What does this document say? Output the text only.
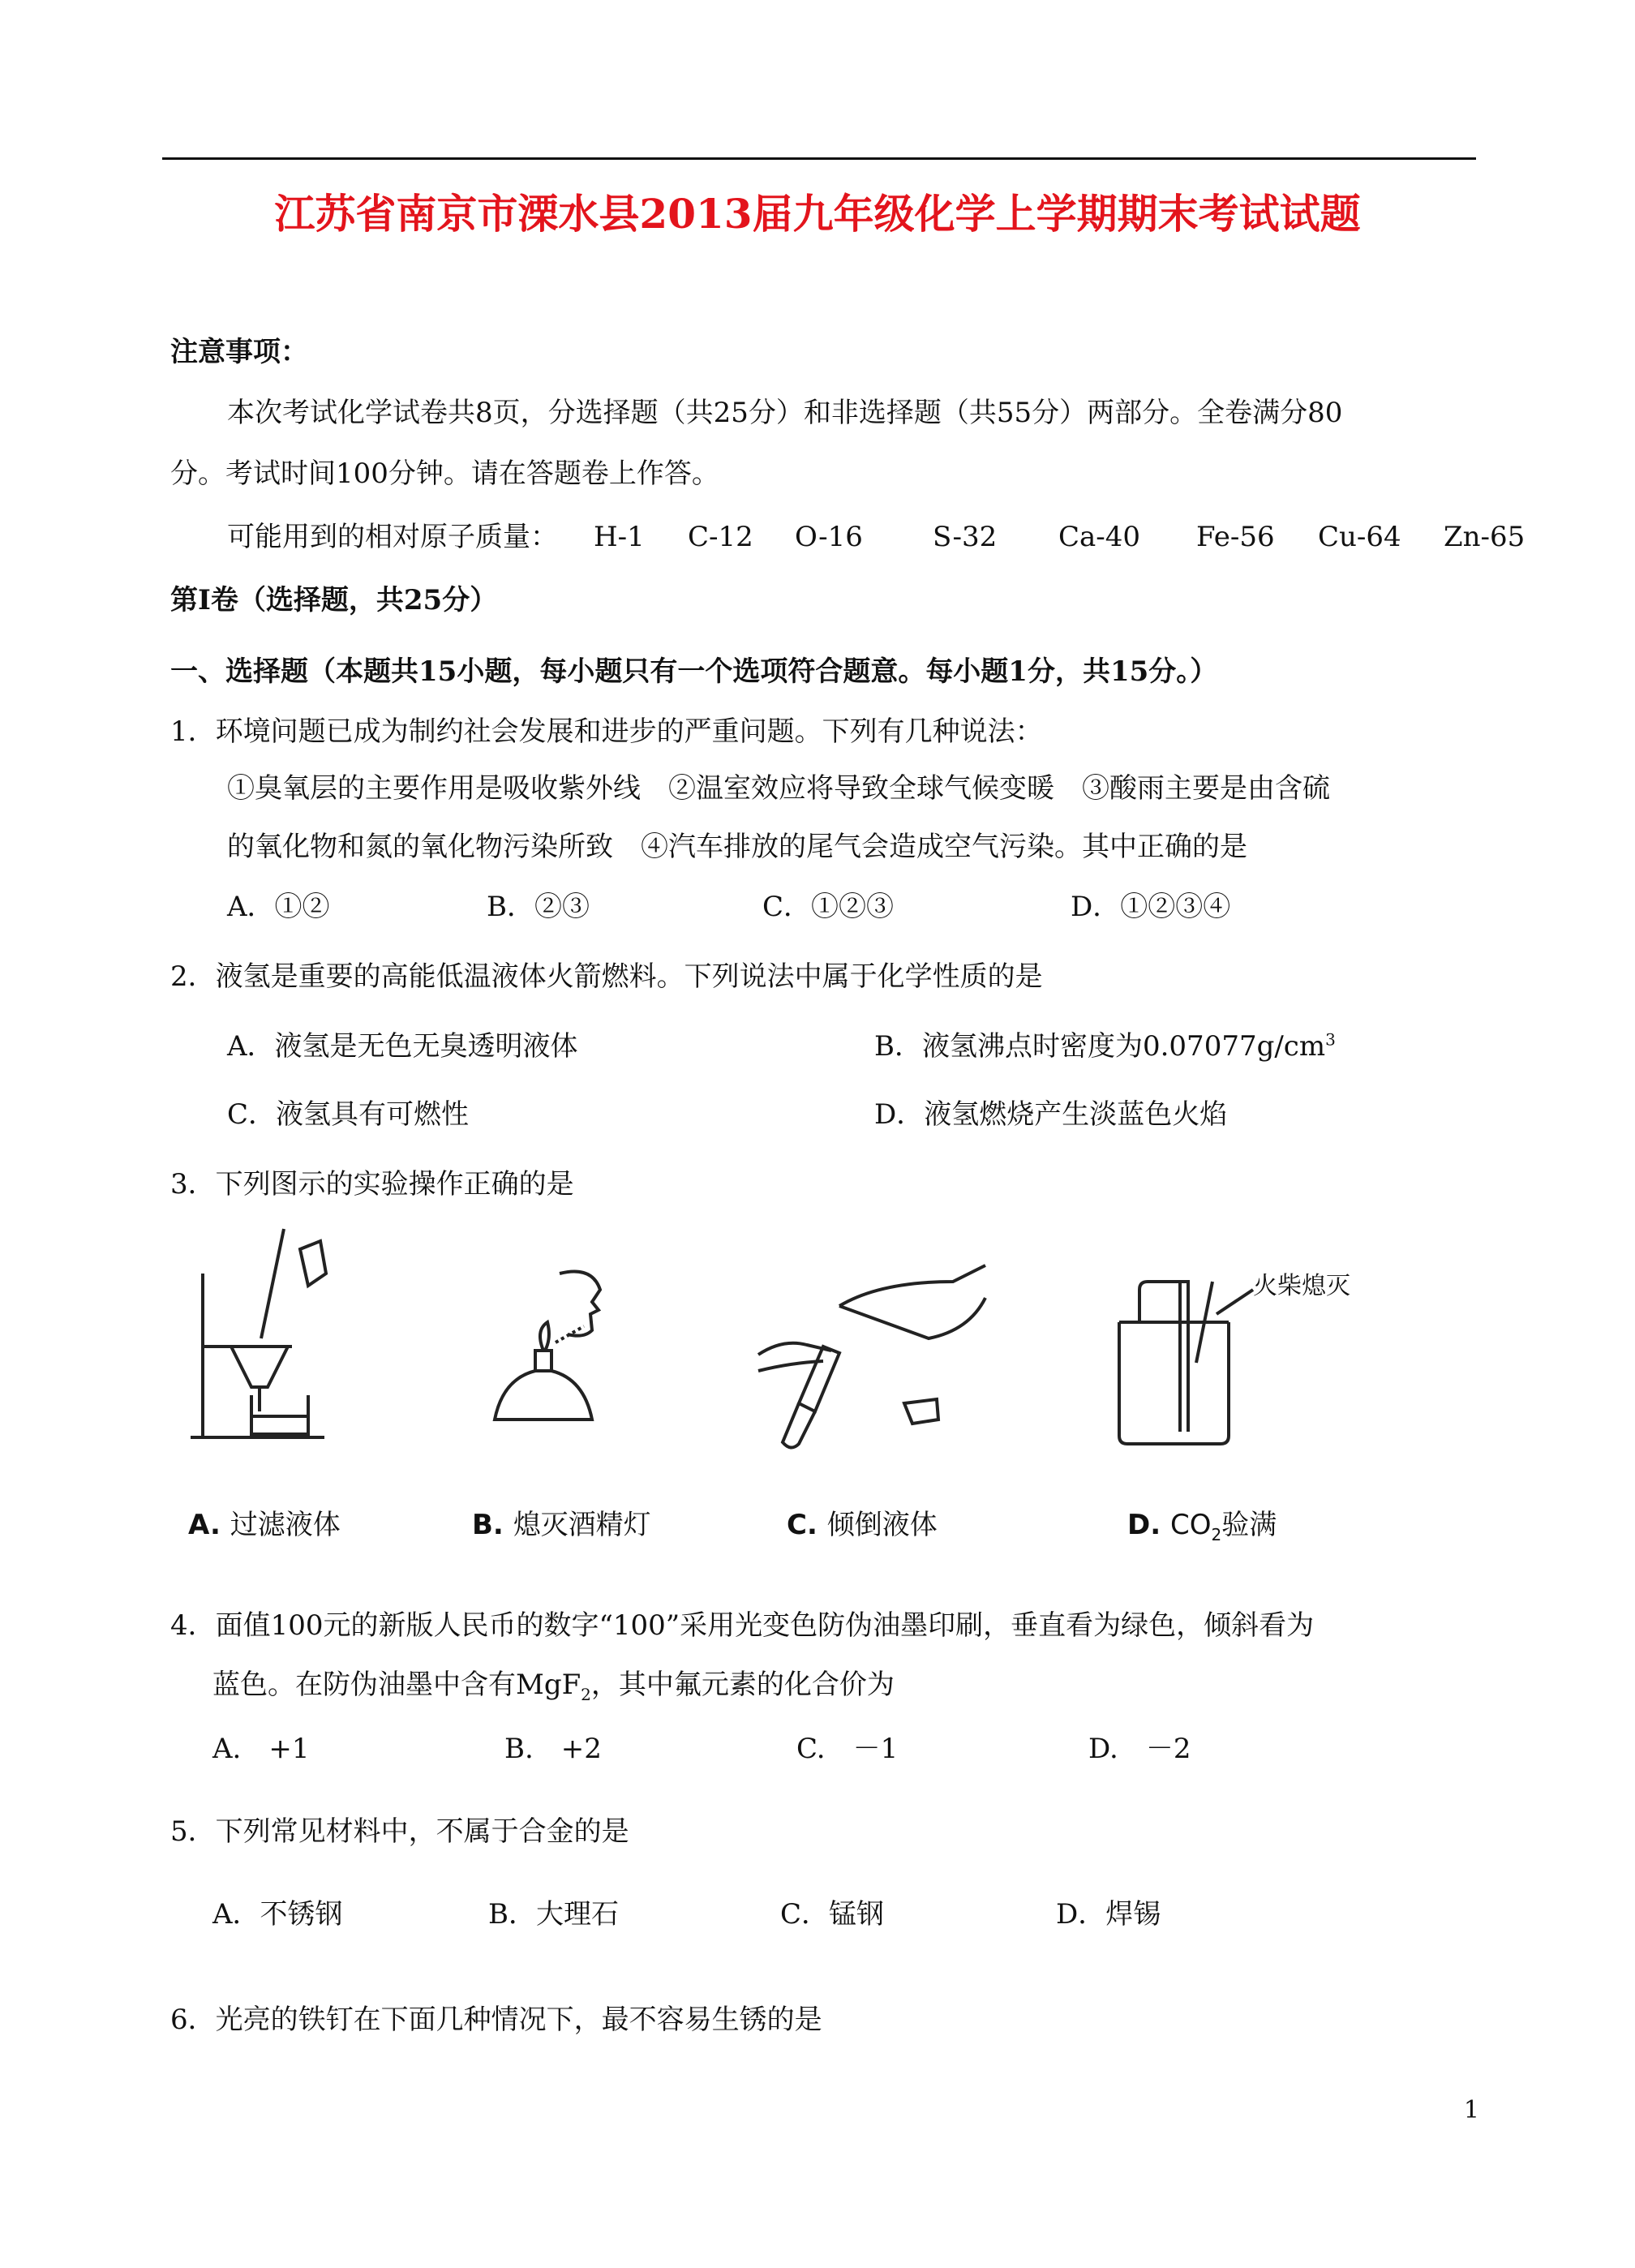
江苏省南京市溧水县2013届九年级化学上学期期末考试试题
注意事项：
本次考试化学试卷共8页，分选择题（共25分）和非选择题（共55分）两部分。全卷满分80
分。考试时间100分钟。请在答题卷上作答。
可能用到的相对原子质量： H-1 C-12 O-16	S-32 Ca-40 Fe-56 Cu-64 Zn-65
第Ⅰ卷（选择题，共25分）
一、选择题（本题共15小题，每小题只有一个选项符合题意。每小题1分，共15分。）
1．环境问题已成为制约社会发展和进步的严重问题。下列有几种说法：
①臭氧层的主要作用是吸收紫外线　②温室效应将导致全球气候变暖　③酸雨主要是由含硫
的氧化物和氮的氧化物污染所致　④汽车排放的尾气会造成空气污染。其中正确的是
A．①②	B．②③	C．①②③	D．①②③④
2．液氢是重要的高能低温液体火箭燃料。下列说法中属于化学性质的是
A．液氢是无色无臭透明液体	B．液氢沸点时密度为$0.07077g/cm^3$
C．液氢具有可燃性	D．液氢燃烧产生淡蓝色火焰
3．下列图示的实验操作正确的是
火柴熄灭
A. 过滤液体	B. 熄灭酒精灯	C. 倾倒液体	D. $CO_2$验满
4．面值100元的新版人民币的数字“100”采用光变色防伪油墨印刷，垂直看为绿色，倾斜看为
蓝色。在防伪油墨中含有MgF$_2$，其中氟元素的化合价为
A.　+1	B.　+2	C.　－1	D.　－2
5．下列常见材料中，不属于合金的是
A．不锈钢	B．大理石	C．锰钢	D．焊锡
6．光亮的铁钉在下面几种情况下，最不容易生锈的是
1
